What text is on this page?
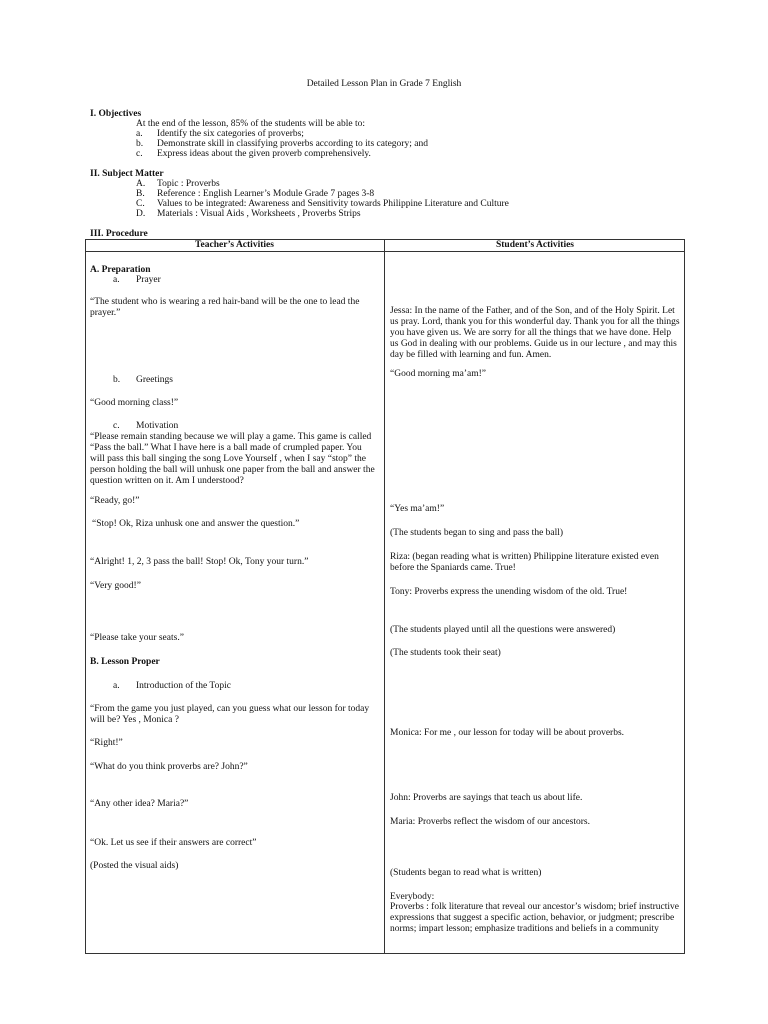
Detailed Lesson Plan in Grade 7 English
I. Objectives
At the end of the lesson, 85% of the students will be able to:
a. Identify the six categories of proverbs;
b. Demonstrate skill in classifying proverbs according to its category; and
c. Express ideas about the given proverb comprehensively.
II. Subject Matter
A. Topic : Proverbs
B. Reference : English Learner’s Module Grade 7 pages 3-8
C. Values to be integrated: Awareness and Sensitivity towards Philippine Literature and Culture
D. Materials : Visual Aids , Worksheets , Proverbs Strips
III. Procedure
Teacher’s Activities	Student’s Activities
A. Preparation
a. Prayer
“The student who is wearing a red hair-band will be the one to lead the prayer.”
b. Greetings
“Good morning class!”
c. Motivation
“Please remain standing because we will play a game. This game is called “Pass the ball.” What I have here is a ball made of crumpled paper. You will pass this ball singing the song Love Yourself , when I say “stop” the person holding the ball will unhusk one paper from the ball and answer the question written on it. Am I understood?
“Ready, go!”
“Stop! Ok, Riza unhusk one and answer the question.”
“Alright! 1, 2, 3 pass the ball! Stop! Ok, Tony your turn.”
“Very good!”
“Please take your seats.”
B. Lesson Proper
a. Introduction of the Topic
“From the game you just played, can you guess what our lesson for today will be? Yes , Monica ?
“Right!”
“What do you think proverbs are? John?”
“Any other idea? Maria?”
“Ok. Let us see if their answers are correct”
(Posted the visual aids)
Jessa: In the name of the Father, and of the Son, and of the Holy Spirit. Let us pray. Lord, thank you for this wonderful day. Thank you for all the things you have given us. We are sorry for all the things that we have done. Help us God in dealing with our problems. Guide us in our lecture , and may this day be filled with learning and fun. Amen.
“Good morning ma’am!”
“Yes ma’am!”
(The students began to sing and pass the ball)
Riza: (began reading what is written) Philippine literature existed even before the Spaniards came. True!
Tony: Proverbs express the unending wisdom of the old. True!
(The students played until all the questions were answered)
(The students took their seat)
Monica: For me , our lesson for today will be about proverbs.
John: Proverbs are sayings that teach us about life.
Maria: Proverbs reflect the wisdom of our ancestors.
(Students began to read what is written)
Everybody:
Proverbs : folk literature that reveal our ancestor’s wisdom; brief instructive expressions that suggest a specific action, behavior, or judgment; prescribe norms; impart lesson; emphasize traditions and beliefs in a community
